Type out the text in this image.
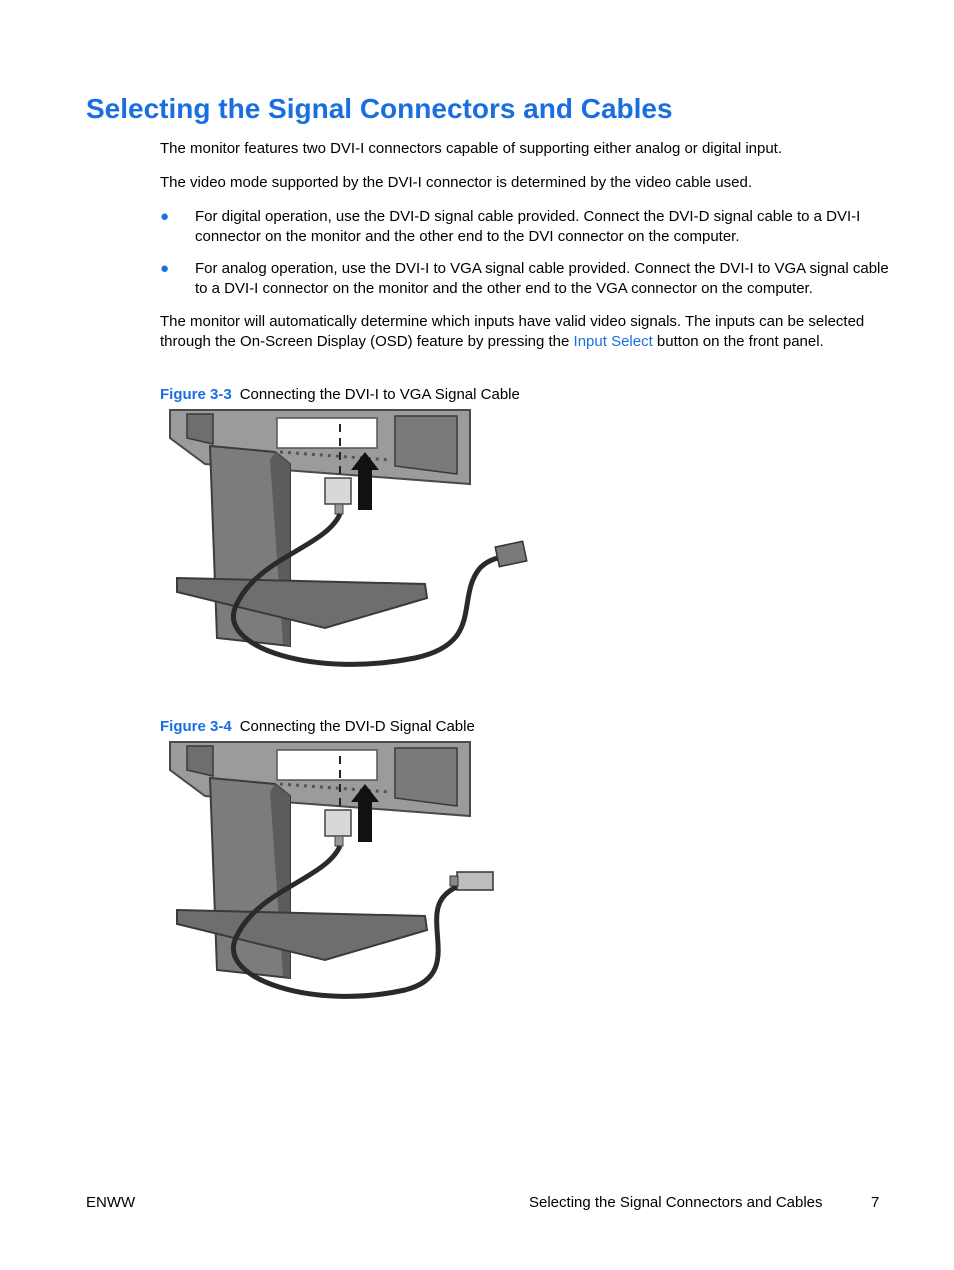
Selecting the Signal Connectors and Cables

The monitor features two DVI-I connectors capable of supporting either analog or digital input.

The video mode supported by the DVI-I connector is determined by the video cable used.

●	For digital operation, use the DVI-D signal cable provided. Connect the DVI-D signal cable to a DVI-I connector on the monitor and the other end to the DVI connector on the computer.
●	For analog operation, use the DVI-I to VGA signal cable provided. Connect the DVI-I to VGA signal cable to a DVI-I connector on the monitor and the other end to the VGA connector on the computer.

The monitor will automatically determine which inputs have valid video signals. The inputs can be selected through the On-Screen Display (OSD) feature by pressing the Input Select button on the front panel.

Figure 3-3 Connecting the DVI-I to VGA Signal Cable

Figure 3-4 Connecting the DVI-D Signal Cable

ENWW	Selecting the Signal Connectors and Cables	7
